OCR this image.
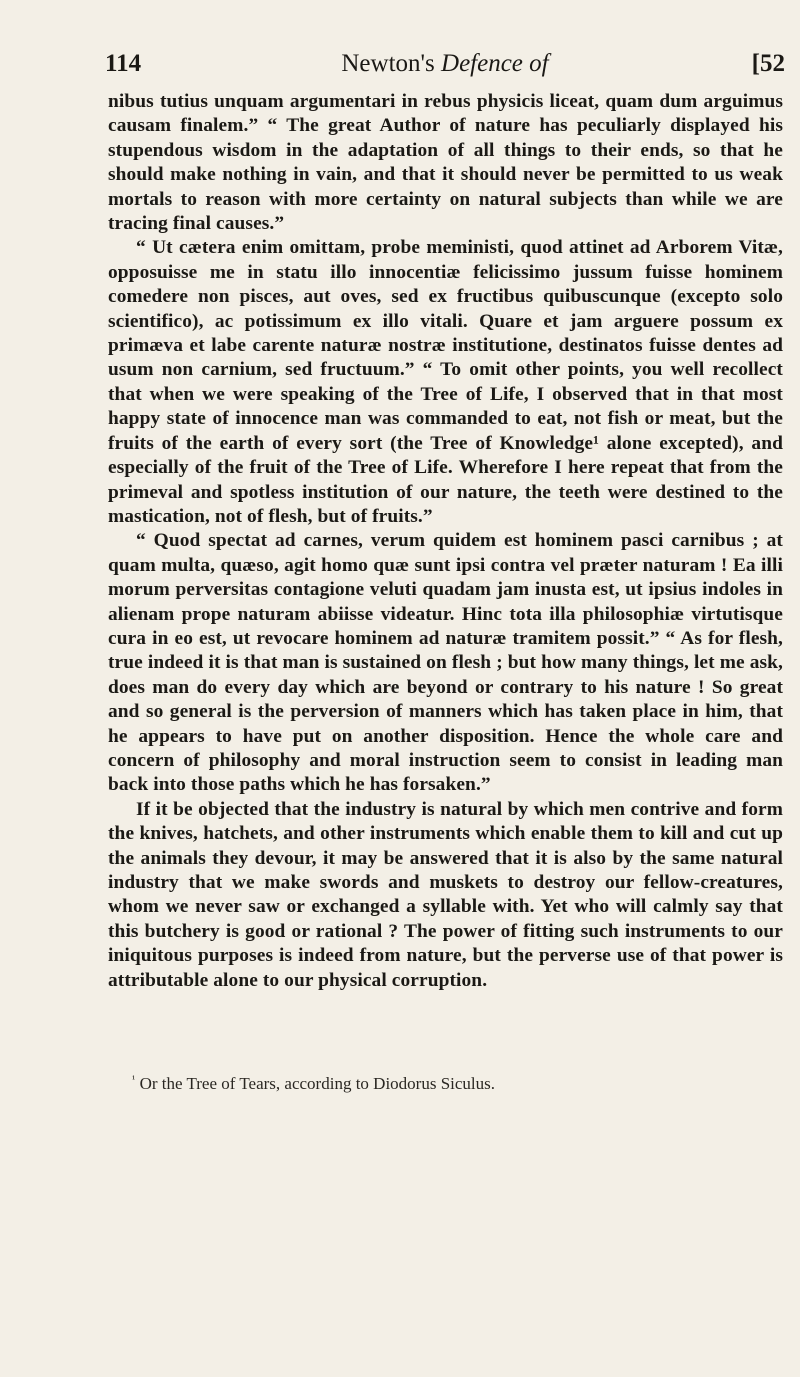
114	Newton's Defence of	[52

nibus tutius unquam argumentari in rebus physicis liceat, quam dum arguimus causam finalem.” “ The great Author of nature has peculiarly displayed his stupendous wisdom in the adaptation of all things to their ends, so that he should make nothing in vain, and that it should never be permitted to us weak mortals to reason with more certainty on natural subjects than while we are tracing final causes.”

“ Ut cætera enim omittam, probe meministi, quod attinet ad Arborem Vitæ, opposuisse me in statu illo innocentiæ felicissimo jussum fuisse hominem comedere non pisces, aut oves, sed ex fructibus quibuscunque (excepto solo scientifico), ac potissimum ex illo vitali. Quare et jam arguere possum ex primæva et labe carente naturæ nostræ institutione, destinatos fuisse dentes ad usum non carnium, sed fructuum.” “ To omit other points, you well recollect that when we were speaking of the Tree of Life, I observed that in that most happy state of innocence man was commanded to eat, not fish or meat, but the fruits of the earth of every sort (the Tree of Knowledge¹ alone excepted), and especially of the fruit of the Tree of Life. Wherefore I here repeat that from the primeval and spotless institution of our nature, the teeth were destined to the mastication, not of flesh, but of fruits.”

“ Quod spectat ad carnes, verum quidem est hominem pasci carnibus ; at quam multa, quæso, agit homo quæ sunt ipsi contra vel præter naturam ! Ea illi morum perversitas contagione veluti quadam jam inusta est, ut ipsius indoles in alienam prope naturam abiisse videatur. Hinc tota illa philosophiæ virtutisque cura in eo est, ut revocare hominem ad naturæ tramitem possit.” “ As for flesh, true indeed it is that man is sustained on flesh ; but how many things, let me ask, does man do every day which are beyond or contrary to his nature ! So great and so general is the perversion of manners which has taken place in him, that he appears to have put on another disposition. Hence the whole care and concern of philosophy and moral instruction seem to consist in leading man back into those paths which he has forsaken.”

If it be objected that the industry is natural by which men contrive and form the knives, hatchets, and other instruments which enable them to kill and cut up the animals they devour, it may be answered that it is also by the same natural industry that we make swords and muskets to destroy our fellow-creatures, whom we never saw or exchanged a syllable with. Yet who will calmly say that this butchery is good or rational ? The power of fitting such instruments to our iniquitous purposes is indeed from nature, but the perverse use of that power is attributable alone to our physical corruption.

$^{^1}$ Or the Tree of Tears, according to Diodorus Siculus.
